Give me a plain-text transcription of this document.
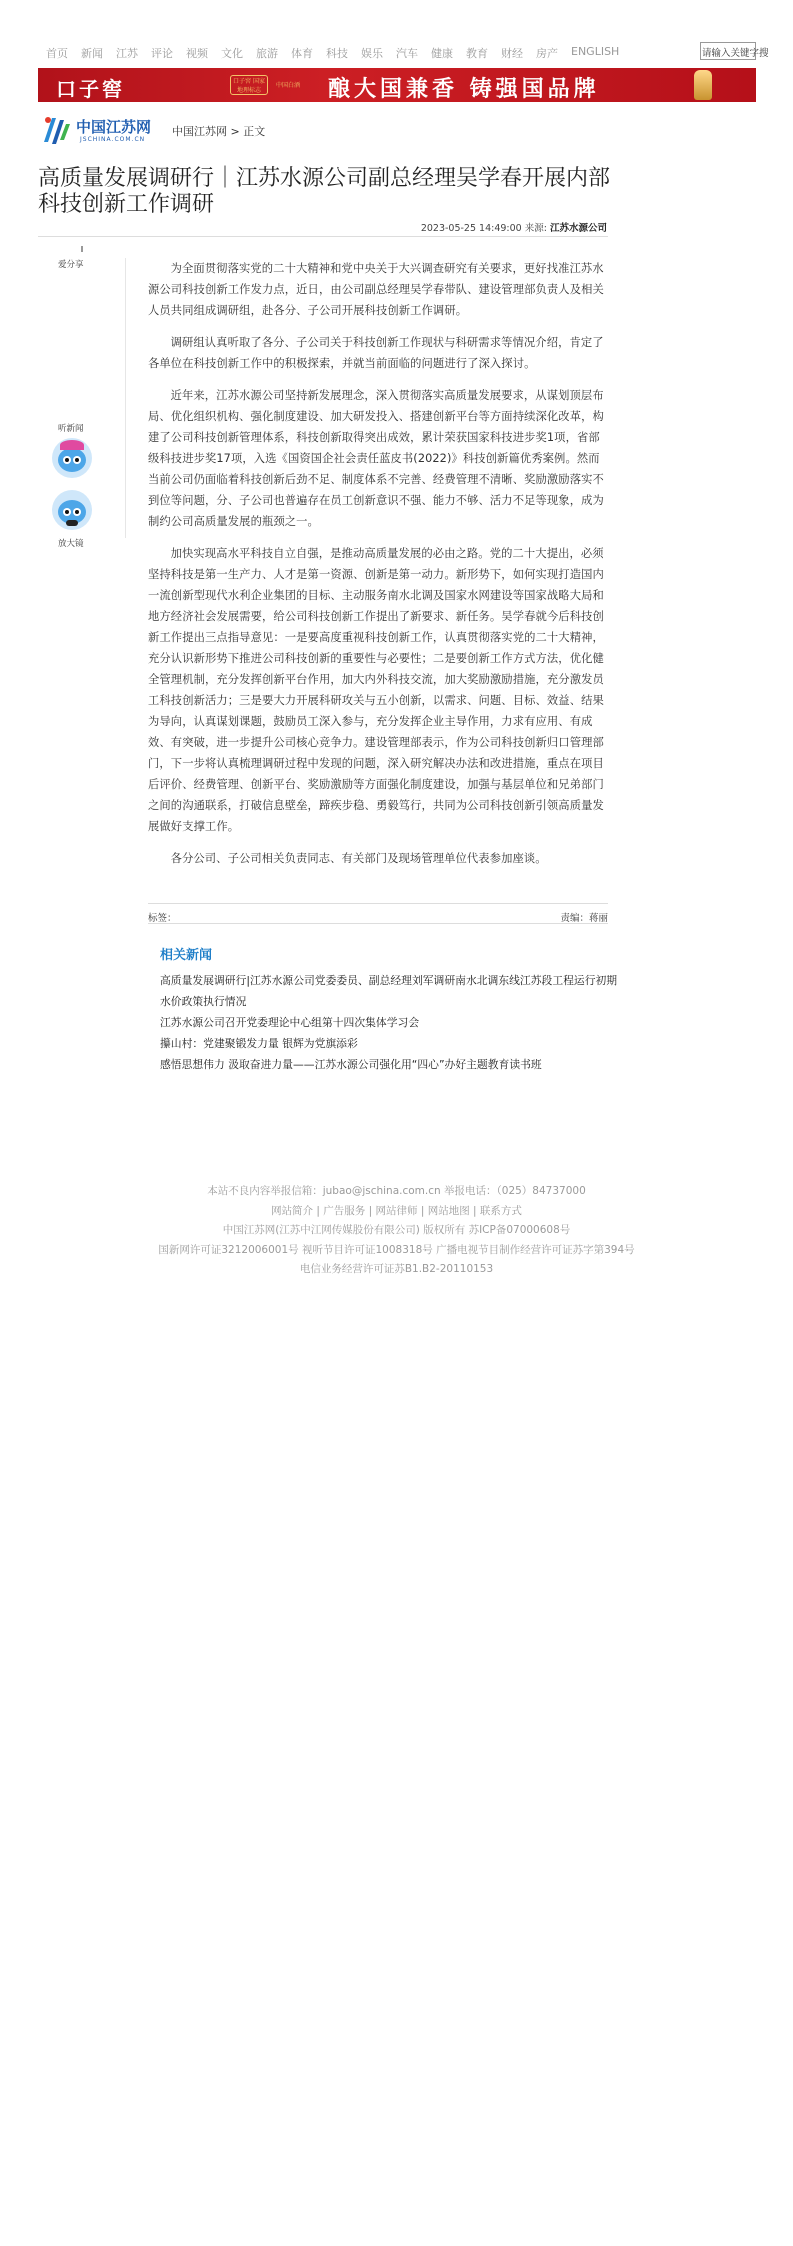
首页 新闻 江苏 评论 视频 文化 旅游 体育 科技 娱乐 汽车 健康 教育 财经 房产 ENGLISH	请输入关键字搜
口子窖	口子窖 国家地理标志
中国白酒 酿大国兼香 铸强国品牌
中国江苏网
JSCHINA.COM.CN
中国江苏网 > 正文
高质量发展调研行｜江苏水源公司副总经理吴学春开展内部科技创新工作调研
2023-05-25 14:49:00 来源: 江苏水源公司
爱分享
听新闻
放大镜

为全面贯彻落实党的二十大精神和党中央关于大兴调查研究有关要求，更好找准江苏水源公司科技创新工作发力点，近日，由公司副总经理吴学春带队、建设管理部负责人及相关人员共同组成调研组，赴各分、子公司开展科技创新工作调研。

调研组认真听取了各分、子公司关于科技创新工作现状与科研需求等情况介绍，肯定了各单位在科技创新工作中的积极探索，并就当前面临的问题进行了深入探讨。

近年来，江苏水源公司坚持新发展理念，深入贯彻落实高质量发展要求，从谋划顶层布局、优化组织机构、强化制度建设、加大研发投入、搭建创新平台等方面持续深化改革，构建了公司科技创新管理体系，科技创新取得突出成效，累计荣获国家科技进步奖1项，省部级科技进步奖17项，入选《国资国企社会责任蓝皮书(2022)》科技创新篇优秀案例。然而当前公司仍面临着科技创新后劲不足、制度体系不完善、经费管理不清晰、奖励激励落实不到位等问题，分、子公司也普遍存在员工创新意识不强、能力不够、活力不足等现象，成为制约公司高质量发展的瓶颈之一。

加快实现高水平科技自立自强，是推动高质量发展的必由之路。党的二十大提出，必须坚持科技是第一生产力、人才是第一资源、创新是第一动力。新形势下，如何实现打造国内一流创新型现代水利企业集团的目标、主动服务南水北调及国家水网建设等国家战略大局和地方经济社会发展需要，给公司科技创新工作提出了新要求、新任务。吴学春就今后科技创新工作提出三点指导意见：一是要高度重视科技创新工作，认真贯彻落实党的二十大精神，充分认识新形势下推进公司科技创新的重要性与必要性；二是要创新工作方式方法，优化健全管理机制，充分发挥创新平台作用，加大内外科技交流，加大奖励激励措施，充分激发员工科技创新活力；三是要大力开展科研攻关与五小创新，以需求、问题、目标、效益、结果为导向，认真谋划课题，鼓励员工深入参与，充分发挥企业主导作用，力求有应用、有成效、有突破，进一步提升公司核心竞争力。建设管理部表示，作为公司科技创新归口管理部门，下一步将认真梳理调研过程中发现的问题，深入研究解决办法和改进措施，重点在项目后评价、经费管理、创新平台、奖励激励等方面强化制度建设，加强与基层单位和兄弟部门之间的沟通联系，打破信息壁垒，蹄疾步稳、勇毅笃行，共同为公司科技创新引领高质量发展做好支撑工作。

各分公司、子公司相关负责同志、有关部门及现场管理单位代表参加座谈。

标签：	责编：蒋丽
相关新闻
高质量发展调研行|江苏水源公司党委委员、副总经理刘军调研南水北调东线江苏段工程运行初期水价政策执行情况
江苏水源公司召开党委理论中心组第十四次集体学习会
攥山村：党建聚锻发力量 银辉为党旗添彩
感悟思想伟力 汲取奋进力量——江苏水源公司强化用“四心”办好主题教育读书班
本站不良内容举报信箱：jubao@jschina.com.cn 举报电话：（025）84737000
网站简介 | 广告服务 | 网站律师 | 网站地图 | 联系方式
中国江苏网(江苏中江网传媒股份有限公司) 版权所有 苏ICP备07000608号
国新网许可证3212006001号 视听节目许可证1008318号 广播电视节目制作经营许可证苏字第394号
电信业务经营许可证苏B1.B2-20110153
